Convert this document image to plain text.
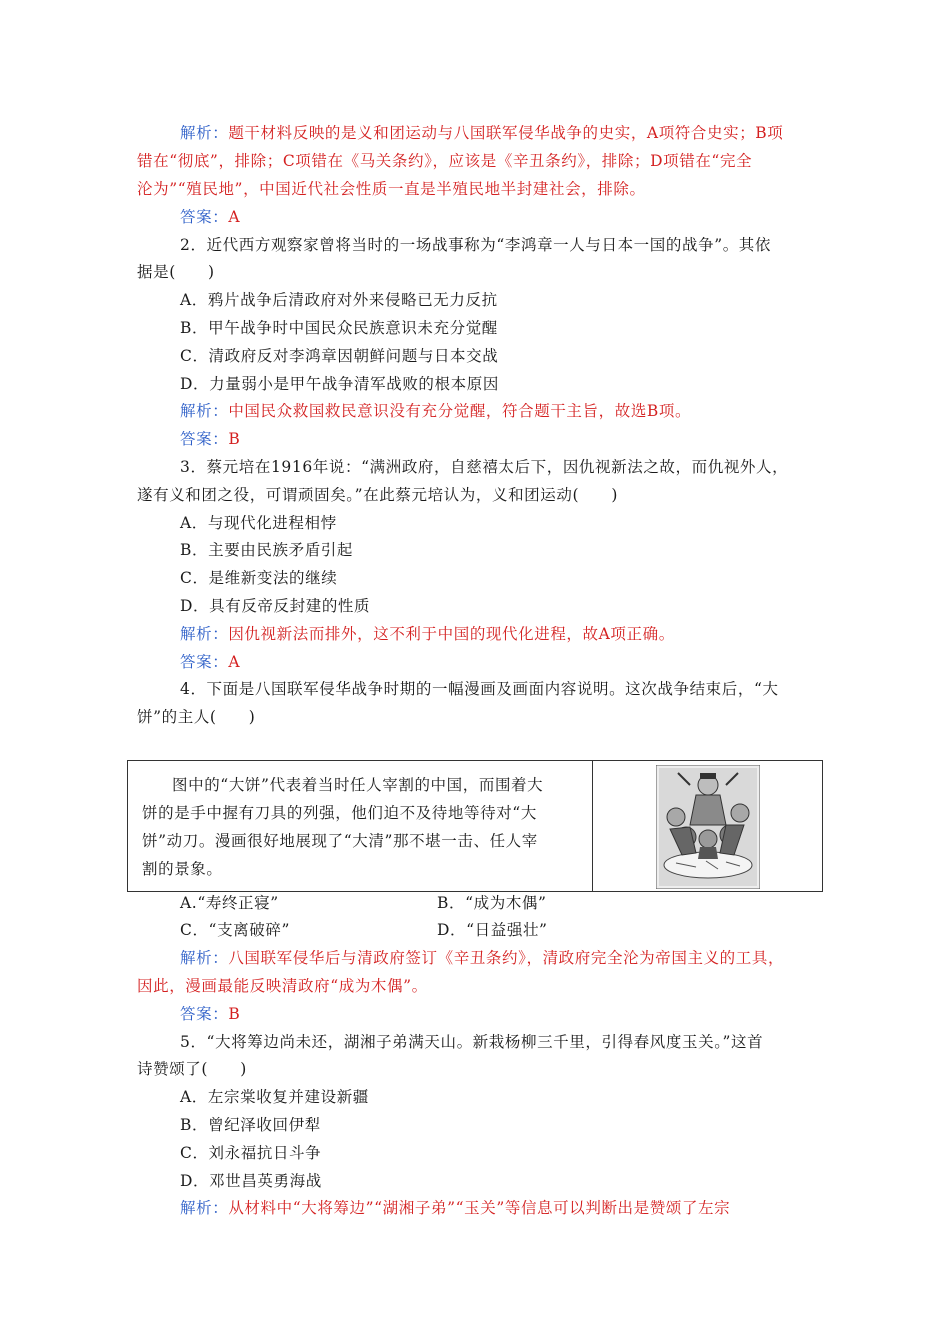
解析：题干材料反映的是义和团运动与八国联军侵华战争的史实，A项符合史实；B项
错在“彻底”，排除；C项错在《马关条约》，应该是《辛丑条约》，排除；D项错在“完全
沦为”“殖民地”，中国近代社会性质一直是半殖民地半封建社会，排除。
答案：A
2．近代西方观察家曾将当时的一场战事称为“李鸿章一人与日本一国的战争”。其依
据是(　　)
A．鸦片战争后清政府对外来侵略已无力反抗
B．甲午战争时中国民众民族意识未充分觉醒
C．清政府反对李鸿章因朝鲜问题与日本交战
D．力量弱小是甲午战争清军战败的根本原因
解析：中国民众救国救民意识没有充分觉醒，符合题干主旨，故选B项。
答案：B
3．蔡元培在1916年说：“满洲政府，自慈禧太后下，因仇视新法之故，而仇视外人，
遂有义和团之役，可谓顽固矣。”在此蔡元培认为，义和团运动(　　)
A．与现代化进程相悖
B．主要由民族矛盾引起
C．是维新变法的继续
D．具有反帝反封建的性质
解析：因仇视新法而排外，这不利于中国的现代化进程，故A项正确。
答案：A
4．下面是八国联军侵华战争时期的一幅漫画及画面内容说明。这次战争结束后，“大
饼”的主人(　　)

图中的“大饼”代表着当时任人宰割的中国，而围着大

饼的是手中握有刀具的列强，他们迫不及待地等待对“大

饼”动刀。漫画很好地展现了“大清”那不堪一击、任人宰

割的景象。

A.“寿终正寝”	B．“成为木偶”
C．“支离破碎”	D．“日益强壮”
解析：八国联军侵华后与清政府签订《辛丑条约》，清政府完全沦为帝国主义的工具，
因此，漫画最能反映清政府“成为木偶”。
答案：B
5．“大将筹边尚未还，湖湘子弟满天山。新栽杨柳三千里，引得春风度玉关。”这首
诗赞颂了(　　)
A．左宗棠收复并建设新疆
B．曾纪泽收回伊犁
C．刘永福抗日斗争
D．邓世昌英勇海战
解析：从材料中“大将筹边”“湖湘子弟”“玉关”等信息可以判断出是赞颂了左宗
